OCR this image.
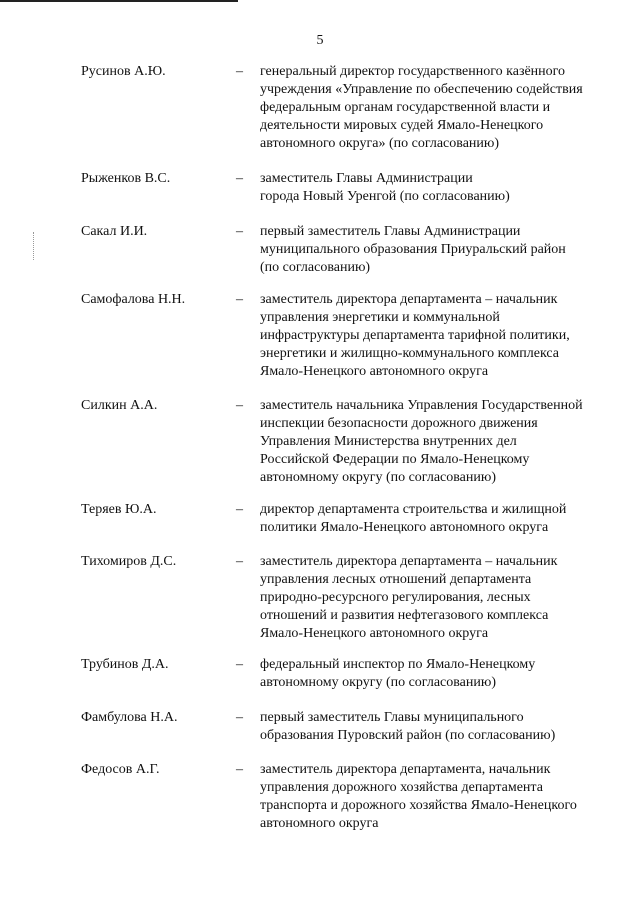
5
Русинов А.Ю.	– генеральный директор государственного казённого
учреждения «Управление по обеспечению содействия
федеральным органам государственной власти и
деятельности мировых судей Ямало-Ненецкого
автономного округа» (по согласованию)
Рыженков В.С.	– заместитель Главы Администрации
города Новый Уренгой (по согласованию)
Сакал И.И.	– первый заместитель Главы Администрации
муниципального образования Приуральский район
(по согласованию)
Самофалова Н.Н.	– заместитель директора департамента – начальник
управления энергетики и коммунальной
инфраструктуры департамента тарифной политики,
энергетики и жилищно-коммунального комплекса
Ямало-Ненецкого автономного округа
Силкин А.А.	– заместитель начальника Управления Государственной
инспекции безопасности дорожного движения
Управления Министерства внутренних дел
Российской Федерации по Ямало-Ненецкому
автономному округу (по согласованию)
Теряев Ю.А.	– директор департамента строительства и жилищной
политики Ямало-Ненецкого автономного округа
Тихомиров Д.С.	– заместитель директора департамента – начальник
управления лесных отношений департамента
природно-ресурсного регулирования, лесных
отношений и развития нефтегазового комплекса
Ямало-Ненецкого автономного округа
Трубинов Д.А.	– федеральный инспектор по Ямало-Ненецкому
автономному округу (по согласованию)
Фамбулова Н.А.	– первый заместитель Главы муниципального
образования Пуровский район (по согласованию)
Федосов А.Г.	– заместитель директора департамента, начальник
управления дорожного хозяйства департамента
транспорта и дорожного хозяйства Ямало-Ненецкого
автономного округа
